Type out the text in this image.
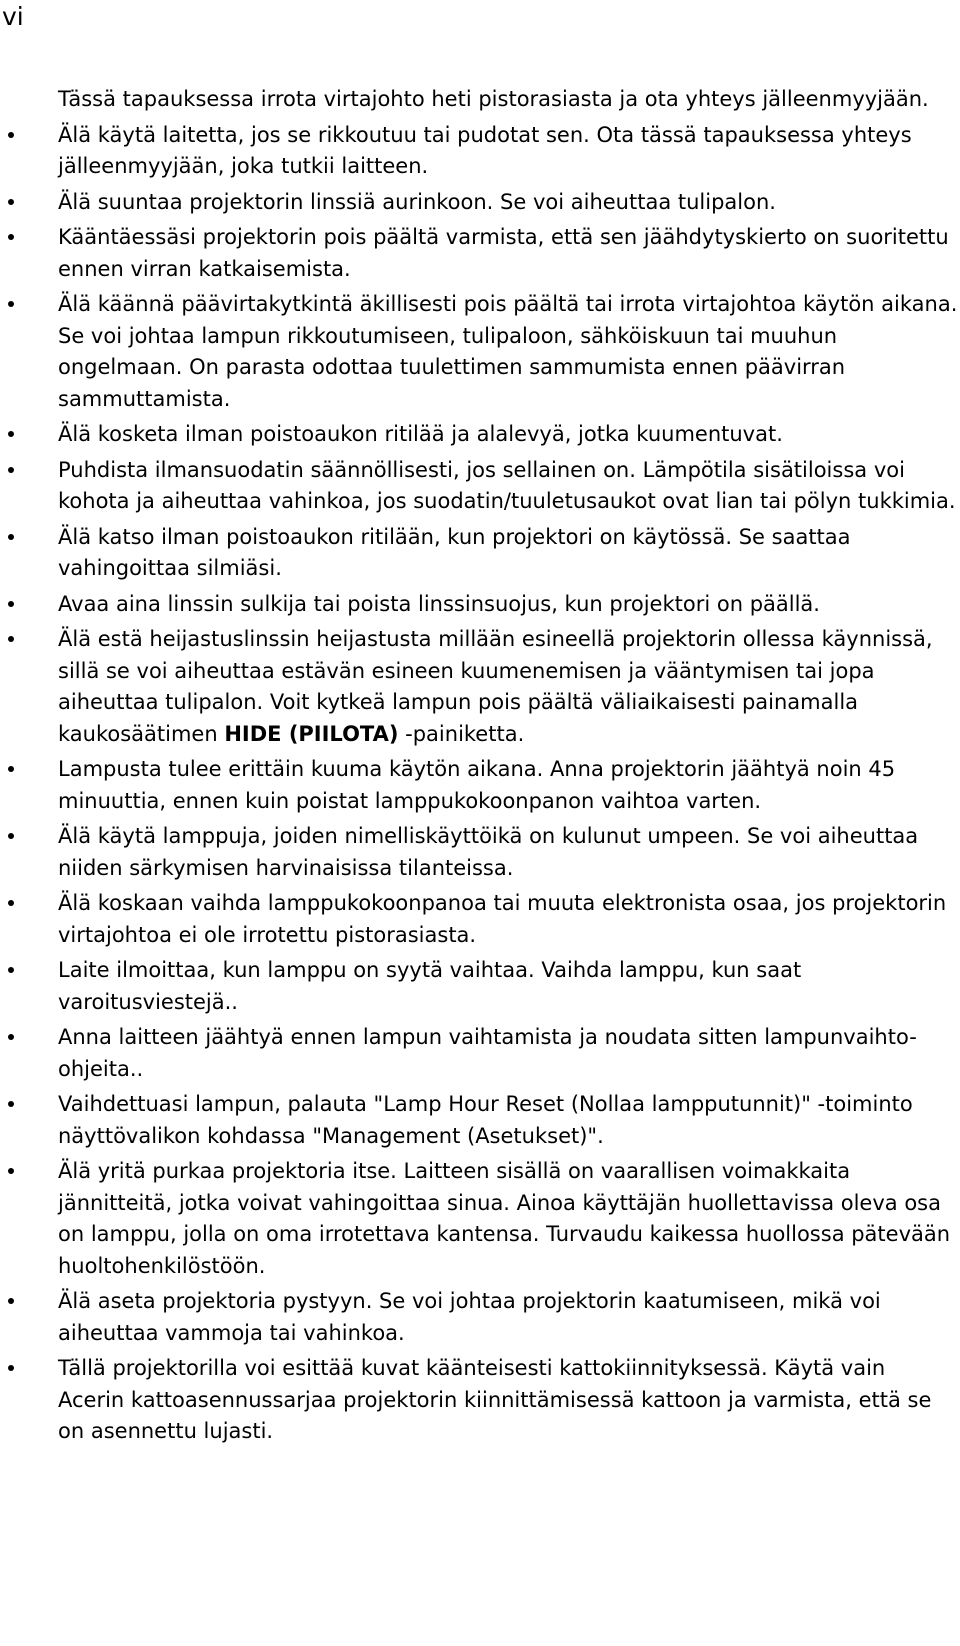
vi

Tässä tapauksessa irrota virtajohto heti pistorasiasta ja ota yhteys jälleenmyyjään.

Älä käytä laitetta, jos se rikkoutuu tai pudotat sen. Ota tässä tapauksessa yhteys jälleenmyyjään, joka tutkii laitteen.
Älä suuntaa projektorin linssiä aurinkoon. Se voi aiheuttaa tulipalon.
Kääntäessäsi projektorin pois päältä varmista, että sen jäähdytyskierto on suoritettu ennen virran katkaisemista.
Älä käännä päävirtakytkintä äkillisesti pois päältä tai irrota virtajohtoa käytön aikana. Se voi johtaa lampun rikkoutumiseen, tulipaloon, sähköiskuun tai muuhun ongelmaan. On parasta odottaa tuulettimen sammumista ennen päävirran sammuttamista.
Älä kosketa ilman poistoaukon ritilää ja alalevyä, jotka kuumentuvat.
Puhdista ilmansuodatin säännöllisesti, jos sellainen on. Lämpötila sisätiloissa voi kohota ja aiheuttaa vahinkoa, jos suodatin/tuuletusaukot ovat lian tai pölyn tukkimia.
Älä katso ilman poistoaukon ritilään, kun projektori on käytössä. Se saattaa vahingoittaa silmiäsi.
Avaa aina linssin sulkija tai poista linssinsuojus, kun projektori on päällä.
Älä estä heijastuslinssin heijastusta millään esineellä projektorin ollessa käynnissä, sillä se voi aiheuttaa estävän esineen kuumenemisen ja vääntymisen tai jopa aiheuttaa tulipalon. Voit kytkeä lampun pois päältä väliaikaisesti painamalla kaukosäätimen HIDE (PIILOTA) -painiketta.
Lampusta tulee erittäin kuuma käytön aikana. Anna projektorin jäähtyä noin 45 minuuttia, ennen kuin poistat lamppukokoonpanon vaihtoa varten.
Älä käytä lamppuja, joiden nimelliskäyttöikä on kulunut umpeen. Se voi aiheuttaa niiden särkymisen harvinaisissa tilanteissa.
Älä koskaan vaihda lamppukokoonpanoa tai muuta elektronista osaa, jos projektorin virtajohtoa ei ole irrotettu pistorasiasta.
Laite ilmoittaa, kun lamppu on syytä vaihtaa. Vaihda lamppu, kun saat varoitusviestejä..
Anna laitteen jäähtyä ennen lampun vaihtamista ja noudata sitten lampunvaihto-ohjeita..
Vaihdettuasi lampun, palauta "Lamp Hour Reset (Nollaa lampputunnit)" -toiminto näyttövalikon kohdassa "Management (Asetukset)".
Älä yritä purkaa projektoria itse. Laitteen sisällä on vaarallisen voimakkaita jännitteitä, jotka voivat vahingoittaa sinua. Ainoa käyttäjän huollettavissa oleva osa on lamppu, jolla on oma irrotettava kantensa. Turvaudu kaikessa huollossa pätevään huoltohenkilöstöön.
Älä aseta projektoria pystyyn. Se voi johtaa projektorin kaatumiseen, mikä voi aiheuttaa vammoja tai vahinkoa.
Tällä projektorilla voi esittää kuvat käänteisesti kattokiinnityksessä. Käytä vain Acerin kattoasennussarjaa projektorin kiinnittämisessä kattoon ja varmista, että se on asennettu lujasti.
